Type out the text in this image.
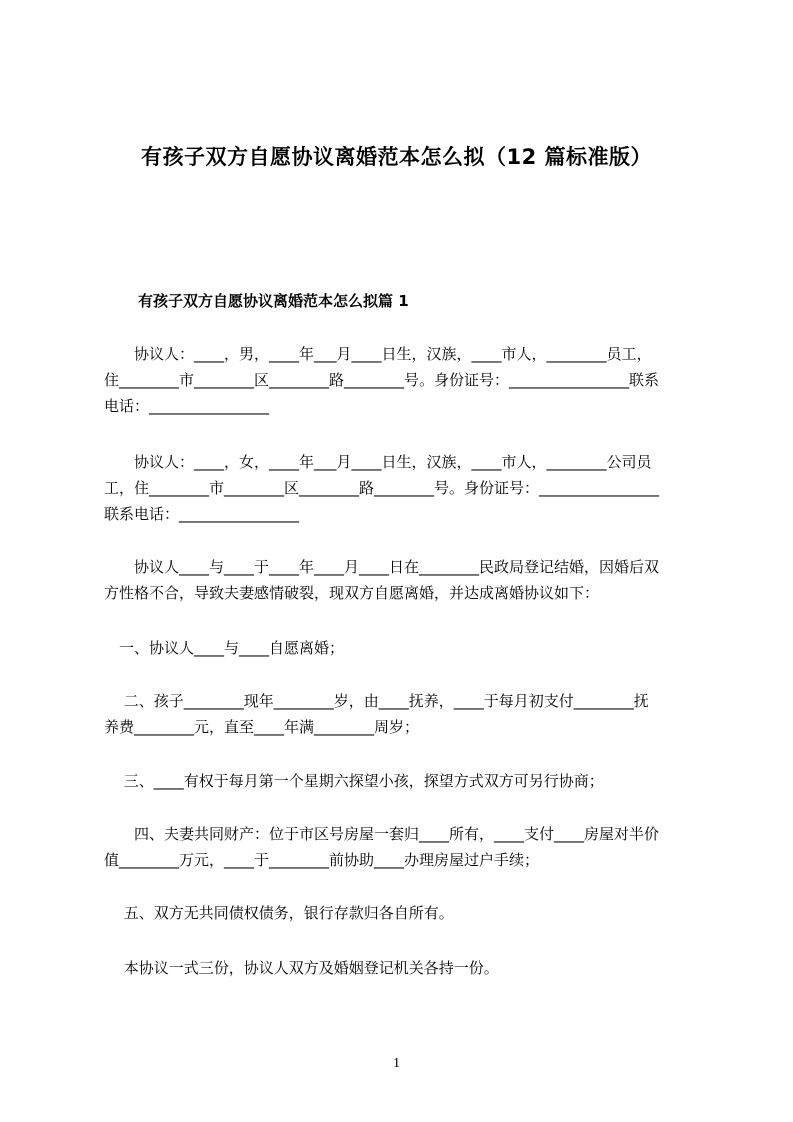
有孩子双方自愿协议离婚范本怎么拟（12 篇标准版）
有孩子双方自愿协议离婚范本怎么拟篇 1
　　协议人：____，男，____年___月____日生，汉族，____市人，________员工，
住________市________区________路________号。身份证号：________________联系
电话：________________
　　协议人：____，女，____年___月____日生，汉族，____市人，________公司员
工，住________市________区________路________号。身份证号：________________
联系电话：________________
　　协议人____与____于____年____月____日在________民政局登记结婚，因婚后双
方性格不合，导致夫妻感情破裂，现双方自愿离婚，并达成离婚协议如下：
　一、协议人____与____自愿离婚；
　 二、孩子________现年________岁，由____抚养，____于每月初支付________抚
养费________元，直至____年满________周岁；
　 三、____有权于每月第一个星期六探望小孩，探望方式双方可另行协商；
　　四、夫妻共同财产：位于市区号房屋一套归____所有，____支付____房屋对半价
值________万元，____于________前协助____办理房屋过户手续；
　 五、双方无共同债权债务，银行存款归各自所有。
　 本协议一式三份，协议人双方及婚姻登记机关各持一份。
1
